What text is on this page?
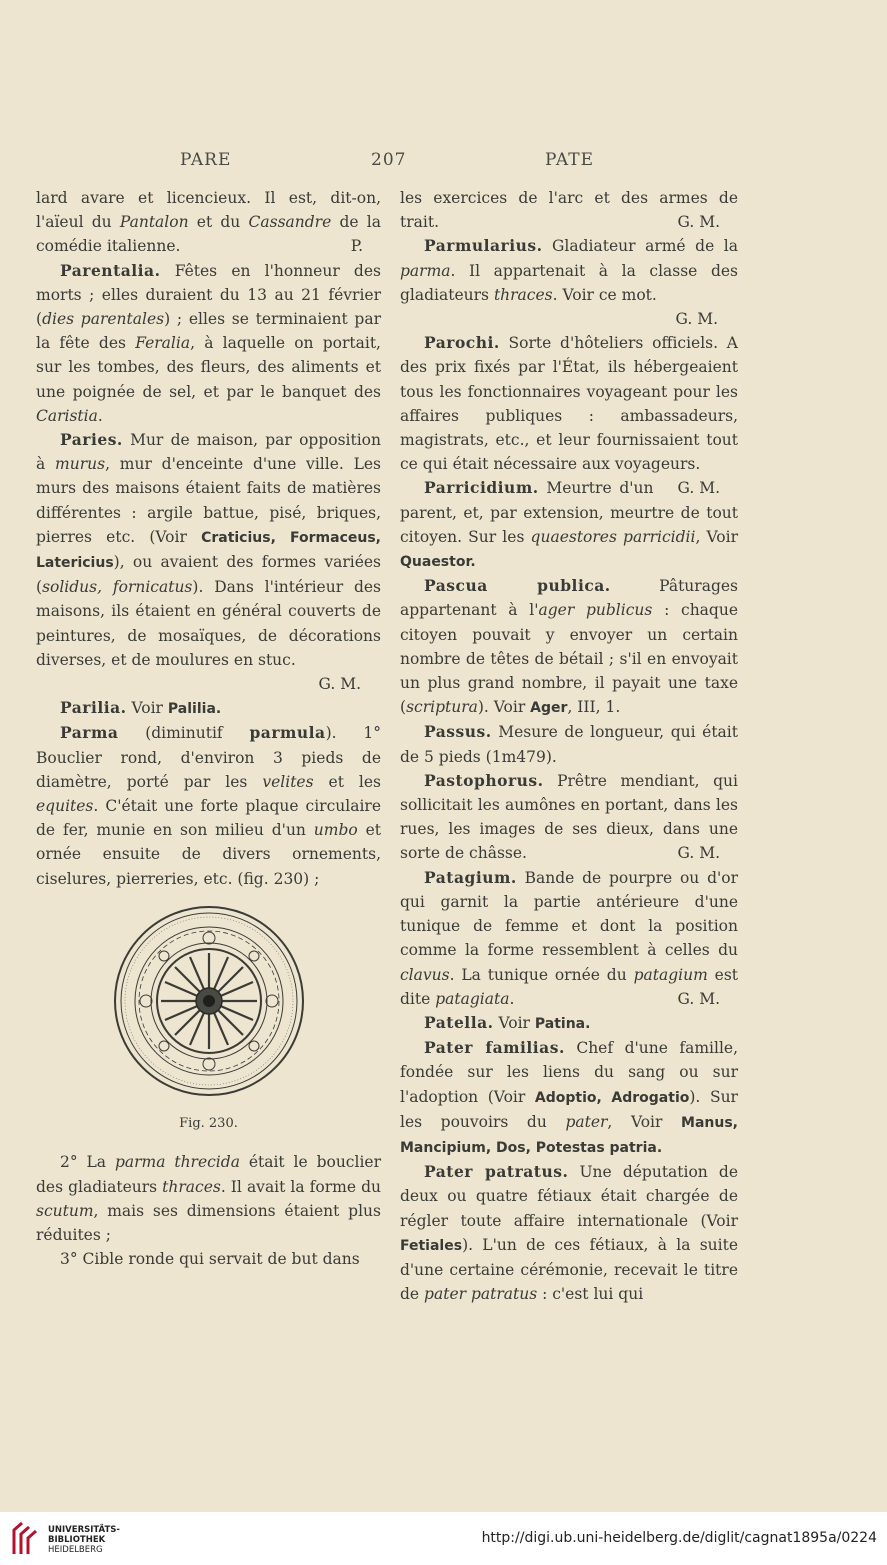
PARE	207	PATE

lard avare et licencieux. Il est, dit-on, l'aïeul du Pantalon et du Cassandre de la comédie italienne.	P.

Parentalia. Fêtes en l'honneur des morts ; elles duraient du 13 au 21 février (dies parentales) ; elles se terminaient par la fête des Feralia, à laquelle on portait, sur les tombes, des fleurs, des aliments et une poignée de sel, et par le banquet des Caristia.

Paries. Mur de maison, par opposition à murus, mur d'enceinte d'une ville. Les murs des maisons étaient faits de matières différentes : argile battue, pisé, briques, pierres etc. (Voir Craticius, Formaceus, Latericius), ou avaient des formes variées (solidus, fornicatus). Dans l'intérieur des maisons, ils étaient en général couverts de peintures, de mosaïques, de décorations diverses, et de moulures en stuc.
G. M.

Parilia. Voir Palilia.

Parma (diminutif parmula). 1° Bouclier rond, d'environ 3 pieds de diamètre, porté par les velites et les equites. C'était une forte plaque circulaire de fer, munie en son milieu d'un umbo et ornée ensuite de divers ornements, ciselures, pierreries, etc. (fig. 230) ;

Fig. 230.

2° La parma threcida était le bouclier des gladiateurs thraces. Il avait la forme du scutum, mais ses dimensions étaient plus réduites ;

3° Cible ronde qui servait de but dans

les exercices de l'arc et des armes de trait.	G. M.

Parmularius. Gladiateur armé de la parma. Il appartenait à la classe des gladiateurs thraces. Voir ce mot.
G. M.

Parochi. Sorte d'hôteliers officiels. A des prix fixés par l'État, ils hébergeaient tous les fonctionnaires voyageant pour les affaires publiques : ambassadeurs, magistrats, etc., et leur fournissaient tout ce qui était nécessaire aux voyageurs.
G. M.

Parricidium. Meurtre d'un parent, et, par extension, meurtre de tout citoyen. Sur les quaestores parricidii, Voir Quaestor.

Pascua publica.	Pâturages appartenant à l'ager publicus : chaque citoyen pouvait y envoyer un certain nombre de têtes de bétail ; s'il en envoyait un plus grand nombre, il payait une taxe (scriptura). Voir Ager, III, 1.

Passus. Mesure de longueur, qui était de 5 pieds (1m479).

Pastophorus. Prêtre mendiant, qui sollicitait les aumônes en portant, dans les rues, les images de ses dieux, dans une sorte de châsse.	G. M.

Patagium. Bande de pourpre ou d'or qui garnit la partie antérieure d'une tunique de femme et dont la position comme la forme ressemblent à celles du clavus. La tunique ornée du patagium est dite patagiata.	G. M.

Patella. Voir Patina.

Pater familias. Chef d'une famille, fondée sur les liens du sang ou sur l'adoption (Voir Adoptio, Adrogatio). Sur les pouvoirs du pater, Voir Manus, Mancipium, Dos, Potestas patria.

Pater patratus. Une députation de deux ou quatre fétiaux était chargée de régler toute affaire internationale (Voir Fetiales). L'un de ces fétiaux, à la suite d'une certaine cérémonie, recevait le titre de pater patratus : c'est lui qui

UNIVERSITÄTS-
BIBLIOTHEK
HEIDELBERG
http://digi.ub.uni-heidelberg.de/diglit/cagnat1895a/0224
